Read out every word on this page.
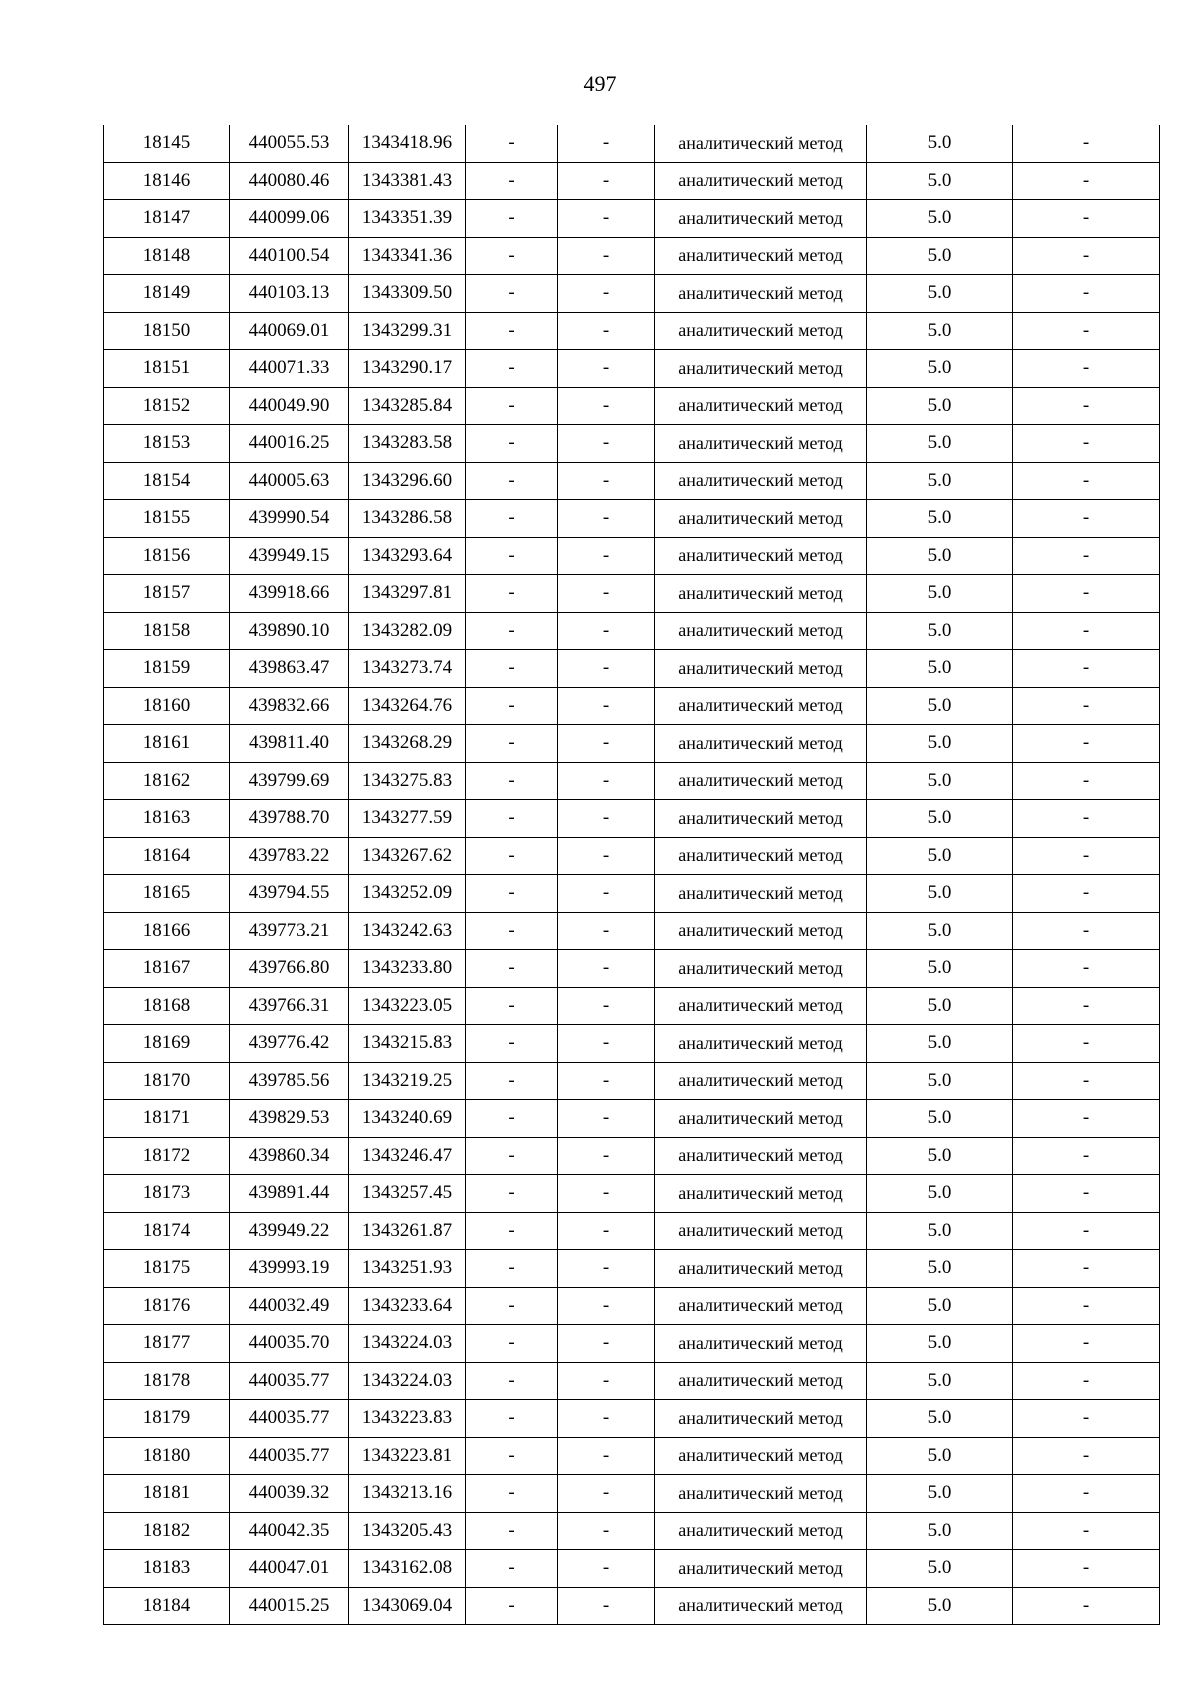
497
18145	440055.53	1343418.96	-	-	аналитический метод	5.0	-
18146	440080.46	1343381.43	-	-	аналитический метод	5.0	-
18147	440099.06	1343351.39	-	-	аналитический метод	5.0	-
18148	440100.54	1343341.36	-	-	аналитический метод	5.0	-
18149	440103.13	1343309.50	-	-	аналитический метод	5.0	-
18150	440069.01	1343299.31	-	-	аналитический метод	5.0	-
18151	440071.33	1343290.17	-	-	аналитический метод	5.0	-
18152	440049.90	1343285.84	-	-	аналитический метод	5.0	-
18153	440016.25	1343283.58	-	-	аналитический метод	5.0	-
18154	440005.63	1343296.60	-	-	аналитический метод	5.0	-
18155	439990.54	1343286.58	-	-	аналитический метод	5.0	-
18156	439949.15	1343293.64	-	-	аналитический метод	5.0	-
18157	439918.66	1343297.81	-	-	аналитический метод	5.0	-
18158	439890.10	1343282.09	-	-	аналитический метод	5.0	-
18159	439863.47	1343273.74	-	-	аналитический метод	5.0	-
18160	439832.66	1343264.76	-	-	аналитический метод	5.0	-
18161	439811.40	1343268.29	-	-	аналитический метод	5.0	-
18162	439799.69	1343275.83	-	-	аналитический метод	5.0	-
18163	439788.70	1343277.59	-	-	аналитический метод	5.0	-
18164	439783.22	1343267.62	-	-	аналитический метод	5.0	-
18165	439794.55	1343252.09	-	-	аналитический метод	5.0	-
18166	439773.21	1343242.63	-	-	аналитический метод	5.0	-
18167	439766.80	1343233.80	-	-	аналитический метод	5.0	-
18168	439766.31	1343223.05	-	-	аналитический метод	5.0	-
18169	439776.42	1343215.83	-	-	аналитический метод	5.0	-
18170	439785.56	1343219.25	-	-	аналитический метод	5.0	-
18171	439829.53	1343240.69	-	-	аналитический метод	5.0	-
18172	439860.34	1343246.47	-	-	аналитический метод	5.0	-
18173	439891.44	1343257.45	-	-	аналитический метод	5.0	-
18174	439949.22	1343261.87	-	-	аналитический метод	5.0	-
18175	439993.19	1343251.93	-	-	аналитический метод	5.0	-
18176	440032.49	1343233.64	-	-	аналитический метод	5.0	-
18177	440035.70	1343224.03	-	-	аналитический метод	5.0	-
18178	440035.77	1343224.03	-	-	аналитический метод	5.0	-
18179	440035.77	1343223.83	-	-	аналитический метод	5.0	-
18180	440035.77	1343223.81	-	-	аналитический метод	5.0	-
18181	440039.32	1343213.16	-	-	аналитический метод	5.0	-
18182	440042.35	1343205.43	-	-	аналитический метод	5.0	-
18183	440047.01	1343162.08	-	-	аналитический метод	5.0	-
18184	440015.25	1343069.04	-	-	аналитический метод	5.0	-
